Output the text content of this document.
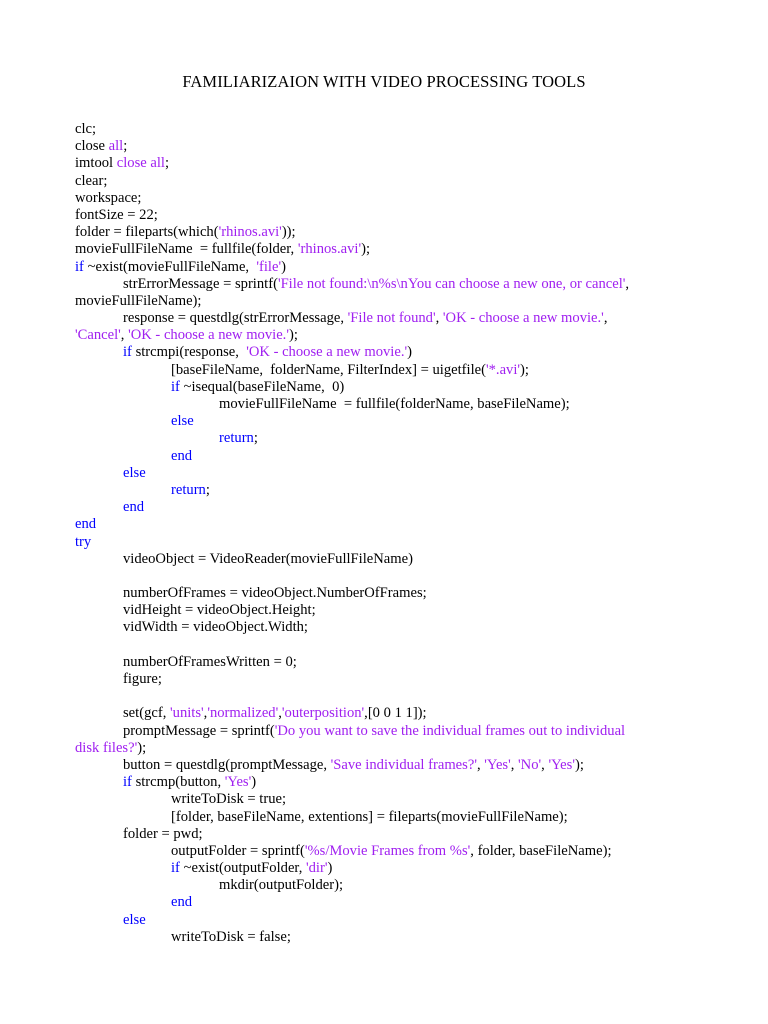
FAMILIARIZAION WITH VIDEO PROCESSING TOOLS
clc;
close all;
imtool close all;
clear;
workspace;
fontSize = 22;
folder = fileparts(which('rhinos.avi'));
movieFullFileName  = fullfile(folder, 'rhinos.avi');
if ~exist(movieFullFileName,  'file')
strErrorMessage = sprintf('File not found:\n%s\nYou can choose a new one, or cancel',
movieFullFileName);
response = questdlg(strErrorMessage, 'File not found', 'OK - choose a new movie.',
'Cancel', 'OK - choose a new movie.');
if strcmpi(response,  'OK - choose a new movie.')
[baseFileName,  folderName, FilterIndex] = uigetfile('*.avi');
if ~isequal(baseFileName,  0)
movieFullFileName  = fullfile(folderName, baseFileName);
else
return;
end
else
return;
end
end
try
videoObject = VideoReader(movieFullFileName)
numberOfFrames = videoObject.NumberOfFrames;
vidHeight = videoObject.Height;
vidWidth = videoObject.Width;
numberOfFramesWritten = 0;
figure;
set(gcf, 'units','normalized','outerposition',[0 0 1 1]);
promptMessage = sprintf('Do you want to save the individual frames out to individual
disk files?');
button = questdlg(promptMessage, 'Save individual frames?', 'Yes', 'No', 'Yes');
if strcmp(button, 'Yes')
writeToDisk = true;
[folder, baseFileName, extentions] = fileparts(movieFullFileName);
folder = pwd;
outputFolder = sprintf('%s/Movie Frames from %s', folder, baseFileName);
if ~exist(outputFolder, 'dir')
mkdir(outputFolder);
end
else
writeToDisk = false;
